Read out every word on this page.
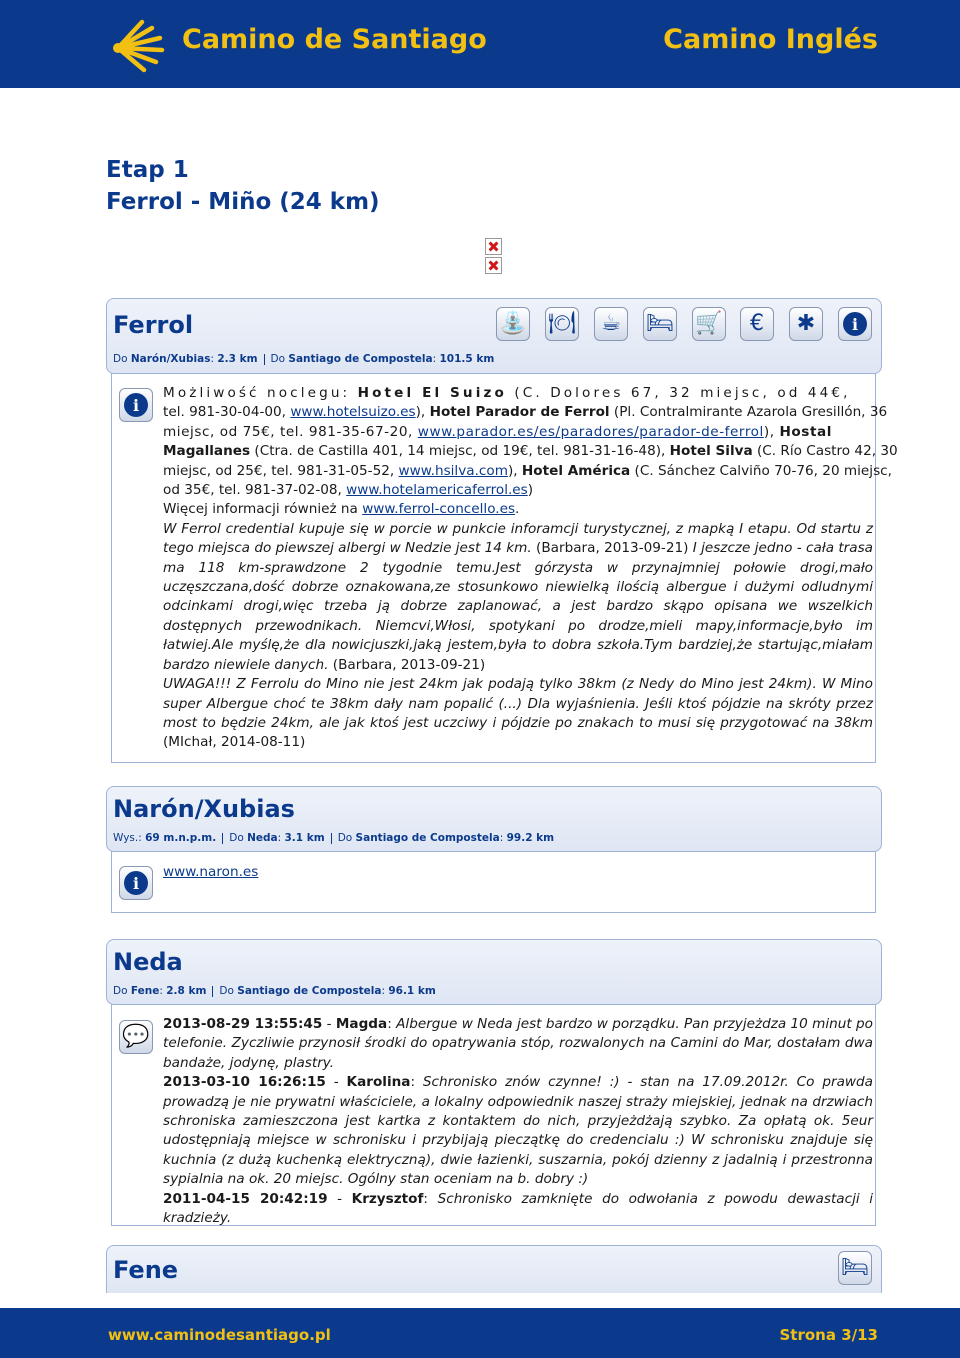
Camino de Santiago	Camino Inglés
Etap 1
Ferrol - Miño (24 km)
Ferrol
Do Narón/Xubias: 2.3 km Do Santiago de Compostela: 101.5 km
⛲ 🍽 ☕ 🛏 🛒 € ✱	i
i
Możliwość noclegu: Hotel El Suizo (C. Dolores 67, 32 miejsc, od 44€,
tel. 981-30-04-00, www.hotelsuizo.es), Hotel Parador de Ferrol (Pl. Contralmirante Azarola Gresillón, 36
miejsc, od 75€, tel. 981-35-67-20, www.parador.es/es/paradores/parador-de-ferrol), Hostal
Magallanes (Ctra. de Castilla 401, 14 miejsc, od 19€, tel. 981-31-16-48), Hotel Silva (C. Río Castro 42, 30
miejsc, od 25€, tel. 981-31-05-52, www.hsilva.com), Hotel América (C. Sánchez Calviño 70-76, 20 miejsc,
od 35€, tel. 981-37-02-08, www.hotelamericaferrol.es)
Więcej informacji również na www.ferrol-concello.es.
W Ferrol credential kupuje się w porcie w punkcie inforamcji turystycznej, z mapką I etapu. Od startu z tego miejsca do piewszej albergi w Nedzie jest 14 km. (Barbara, 2013-09-21) I jeszcze jedno - cała trasa ma 118 km-sprawdzone 2 tygodnie temu.Jest górzysta w przynajmniej połowie drogi,mało uczęszczana,dość dobrze oznakowana,ze stosunkowo niewielką ilością albergue i dużymi odludnymi odcinkami drogi,więc trzeba ją dobrze zaplanować, a jest bardzo skąpo opisana we wszelkich dostępnych przewodnikach. Niemcvi,Włosi, spotykani po drodze,mieli mapy,informacje,było im łatwiej.Ale myślę,że dla nowicjuszki,jaką jestem,była to dobra szkoła.Tym bardziej,że startując,miałam bardzo niewiele danych. (Barbara, 2013-09-21)
UWAGA!!! Z Ferrolu do Mino nie jest 24km jak podają tylko 38km (z Nedy do Mino jest 24km). W Mino super Albergue choć te 38km dały nam popalić (...) Dla wyjaśnienia. Jeśli ktoś pójdzie na skróty przez most to będzie 24km, ale jak ktoś jest uczciwy i pójdzie po znakach to musi się przygotować na 38km (MIchał, 2014-08-11)
Narón/Xubias
Wys.: 69 m.n.p.m. Do Neda: 3.1 km Do Santiago de Compostela: 99.2 km
i
www.naron.es
Neda
Do Fene: 2.8 km Do Santiago de Compostela: 96.1 km
💬 2013-08-29 13:55:45 - Magda: Albergue w Neda jest bardzo w porządku. Pan przyjeżdza 10 minut po telefonie. Zyczliwie przynosił środki do opatrywania stóp, rozwalonych na Camini do Mar, dostałam dwa bandaże, jodynę, plastry.
2013-03-10 16:26:15 - Karolina: Schronisko znów czynne! :) - stan na 17.09.2012r. Co prawda prowadzą je nie prywatni właściciele, a lokalny odpowiednik naszej straży miejskiej, jednak na drzwiach schroniska zamieszczona jest kartka z kontaktem do nich, przyjeżdżają szybko. Za opłatą ok. 5eur udostępniają miejsce w schronisku i przybijają pieczątkę do credencialu :) W schronisku znajduje się kuchnia (z dużą kuchenką elektryczną), dwie łazienki, suszarnia, pokój dzienny z jadalnią i przestronna sypialnia na ok. 20 miejsc. Ogólny stan oceniam na b. dobry :)
2011-04-15 20:42:19 - Krzysztof: Schronisko zamknięte do odwołania z powodu dewastacji i kradzieży.
Fene	🛏
www.caminodesantiago.pl	Strona 3/13
